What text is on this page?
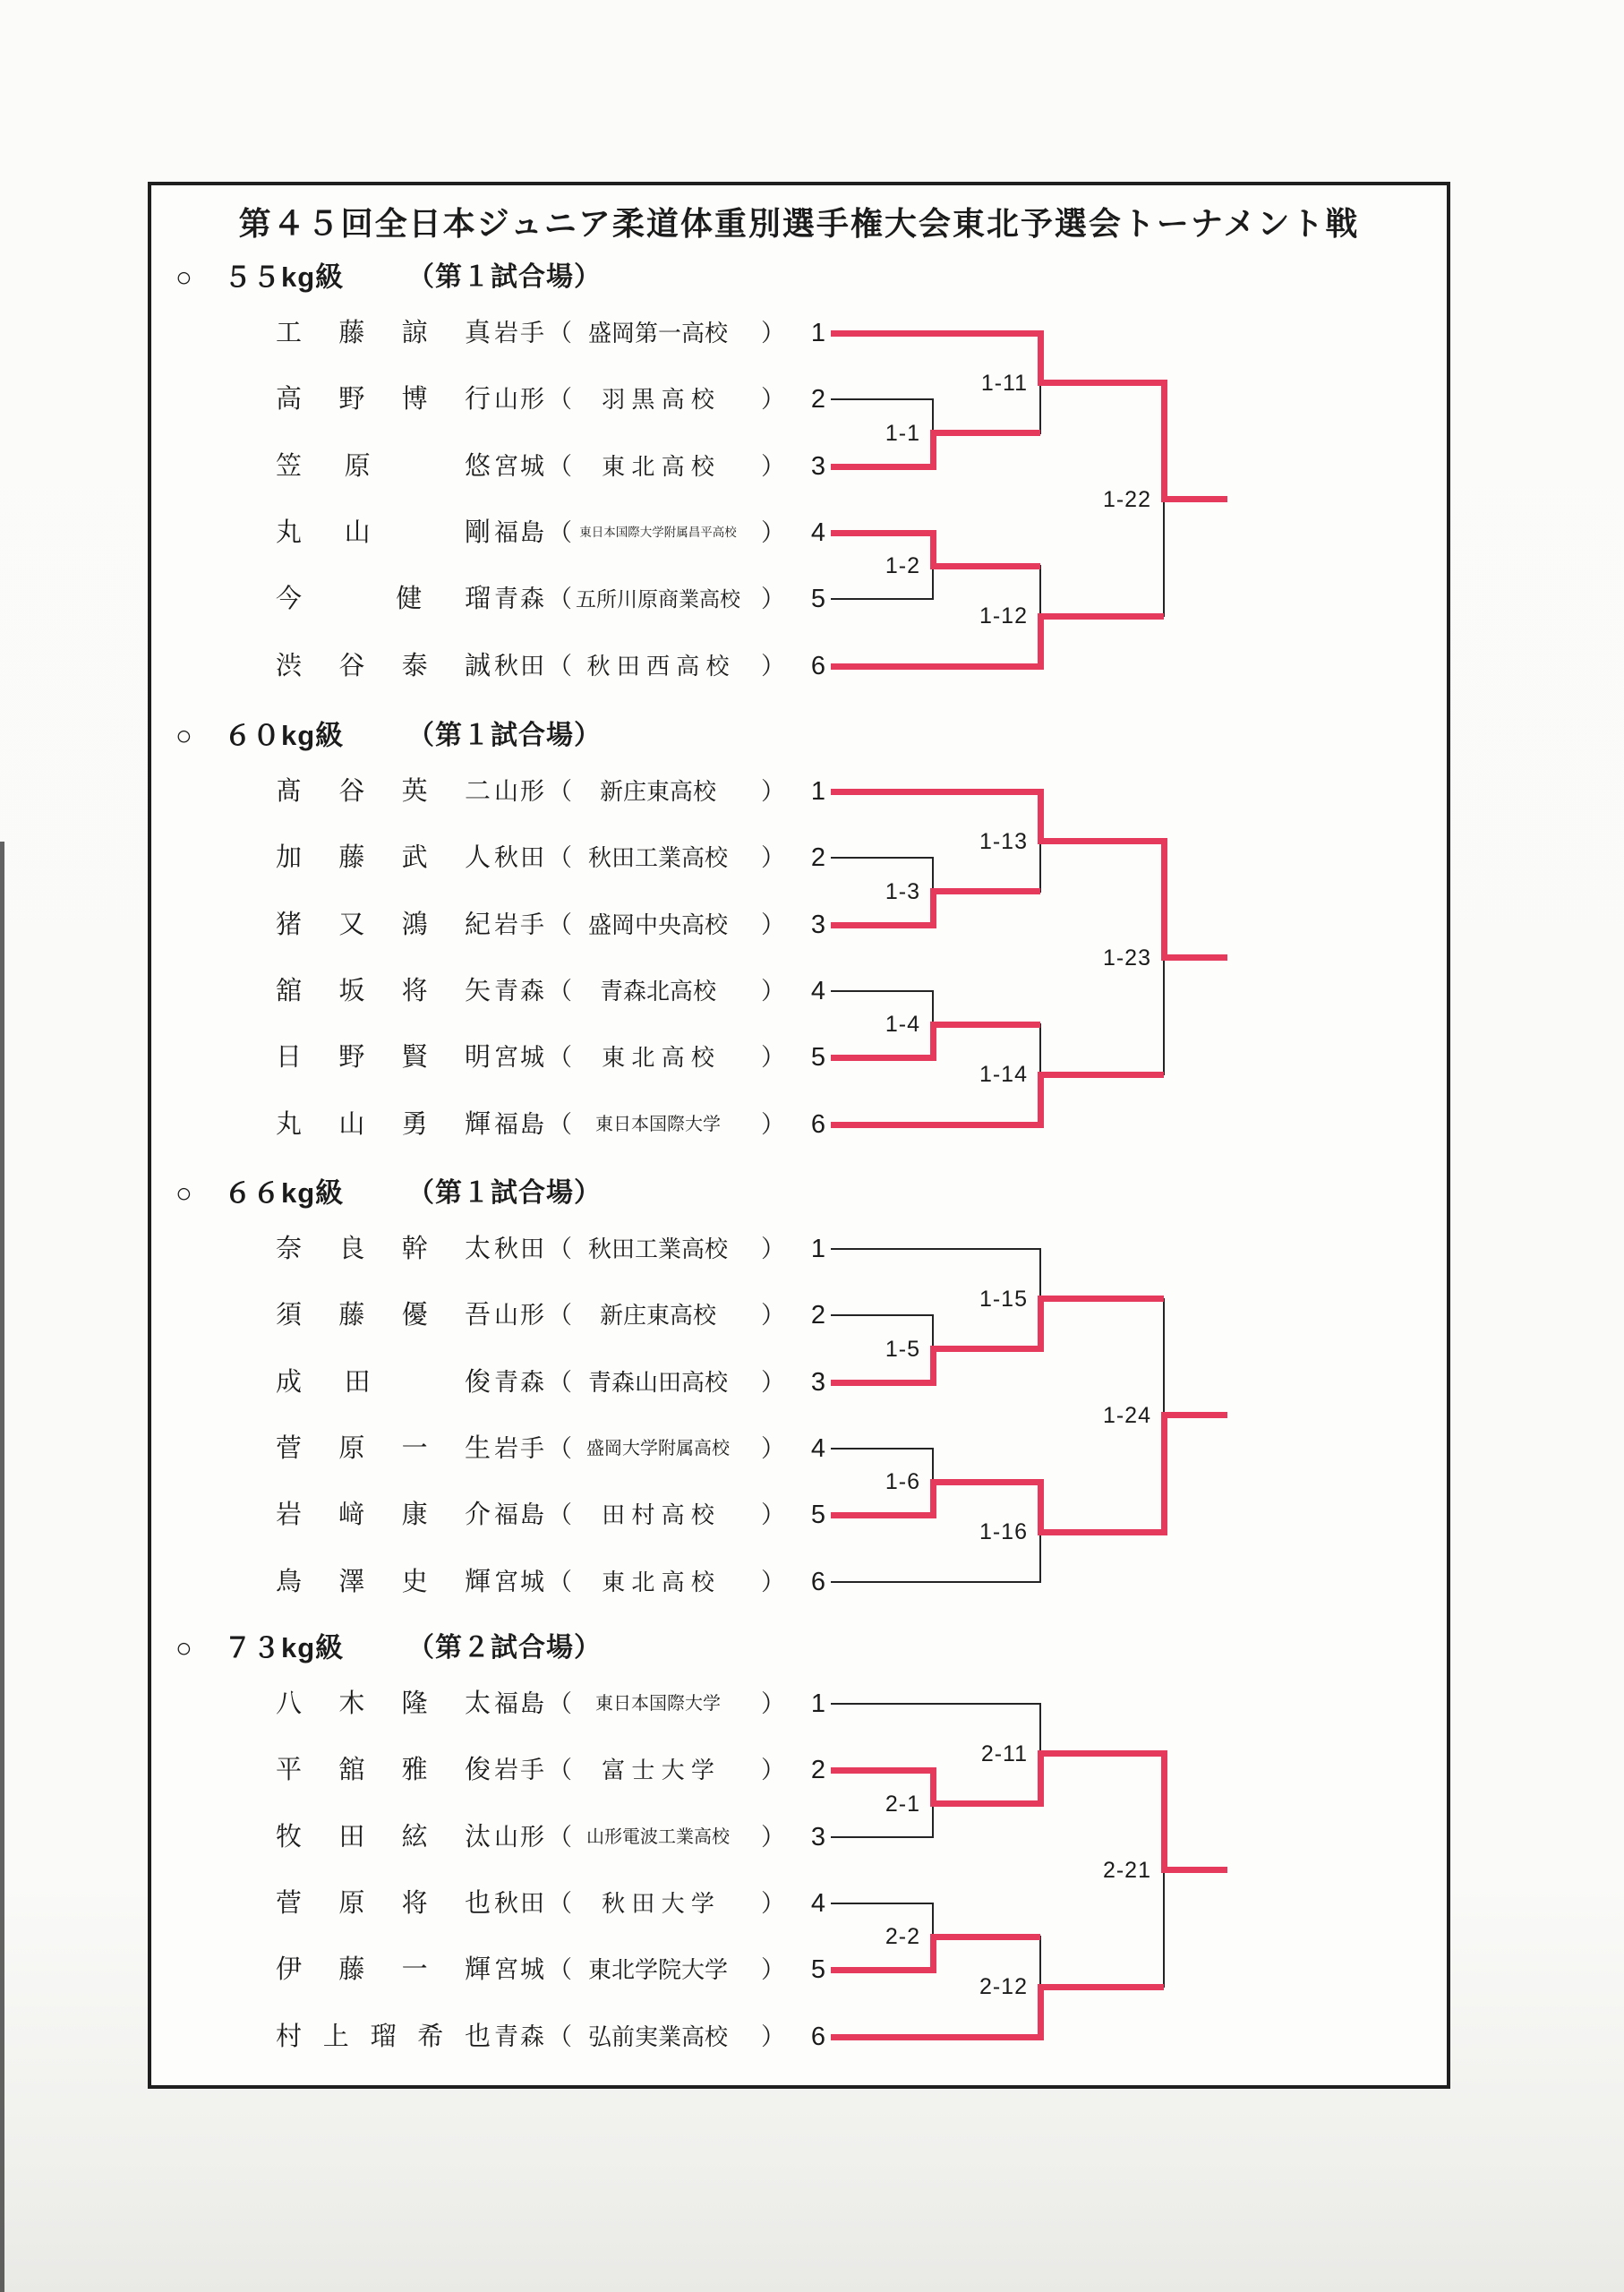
第４５回全日本ジュニア柔道体重別選手権大会東北予選会トーナメント戦
○ ５５kg級 （第１試合場）
工 藤 諒 真 岩手 （ 盛岡第一高校	） 1
高 野 博 行 山形 （	羽 黒 高 校	） 2
笠 原	悠 宮城 （	東 北 高 校	） 3
丸 山	剛 福島 （ 東日本国際大学附属昌平高校	） 4
今	健 瑠 青森 （ 五所川原商業高校 ） 5
渋 谷 泰 誠 秋田 （ 秋 田 西 高 校	） 6
1-1
1-2
1-11
1-12
1-22
○ ６０kg級 （第１試合場）
髙 谷 英 二 山形 （	新庄東高校	） 1
加 藤 武 人 秋田 （ 秋田工業高校	） 2
猪 又 鴻 紀 岩手 （ 盛岡中央高校	） 3
舘 坂 将 矢 青森 （	青森北高校	） 4
日 野 賢 明 宮城 （	東 北 高 校	） 5
丸 山 勇 輝 福島 （	東日本国際大学	） 6
1-3
1-4
1-13
1-14
1-23
○ ６６kg級 （第１試合場）
奈 良 幹 太 秋田 （ 秋田工業高校	） 1
須 藤 優 吾 山形 （	新庄東高校	） 2
成 田	俊 青森 （ 青森山田高校	） 3
菅 原 一 生 岩手 （ 盛岡大学附属高校	） 4
岩 﨑 康 介 福島 （	田 村 高 校	） 5
鳥 澤 史 輝 宮城 （	東 北 高 校	） 6
1-5
1-6
1-15
1-16
1-24
○ ７３kg級 （第２試合場）
八 木 隆 太 福島 （	東日本国際大学	） 1
平 舘 雅 俊 岩手 （	富 士 大 学	） 2
牧 田 絃 汰 山形 （ 山形電波工業高校	） 3
菅 原 将 也 秋田 （	秋 田 大 学	） 4
伊 藤 一 輝 宮城 （ 東北学院大学	） 5
村 上 瑠 希 也 青森 （ 弘前実業高校	） 6
2-1
2-2
2-11
2-12
2-21
